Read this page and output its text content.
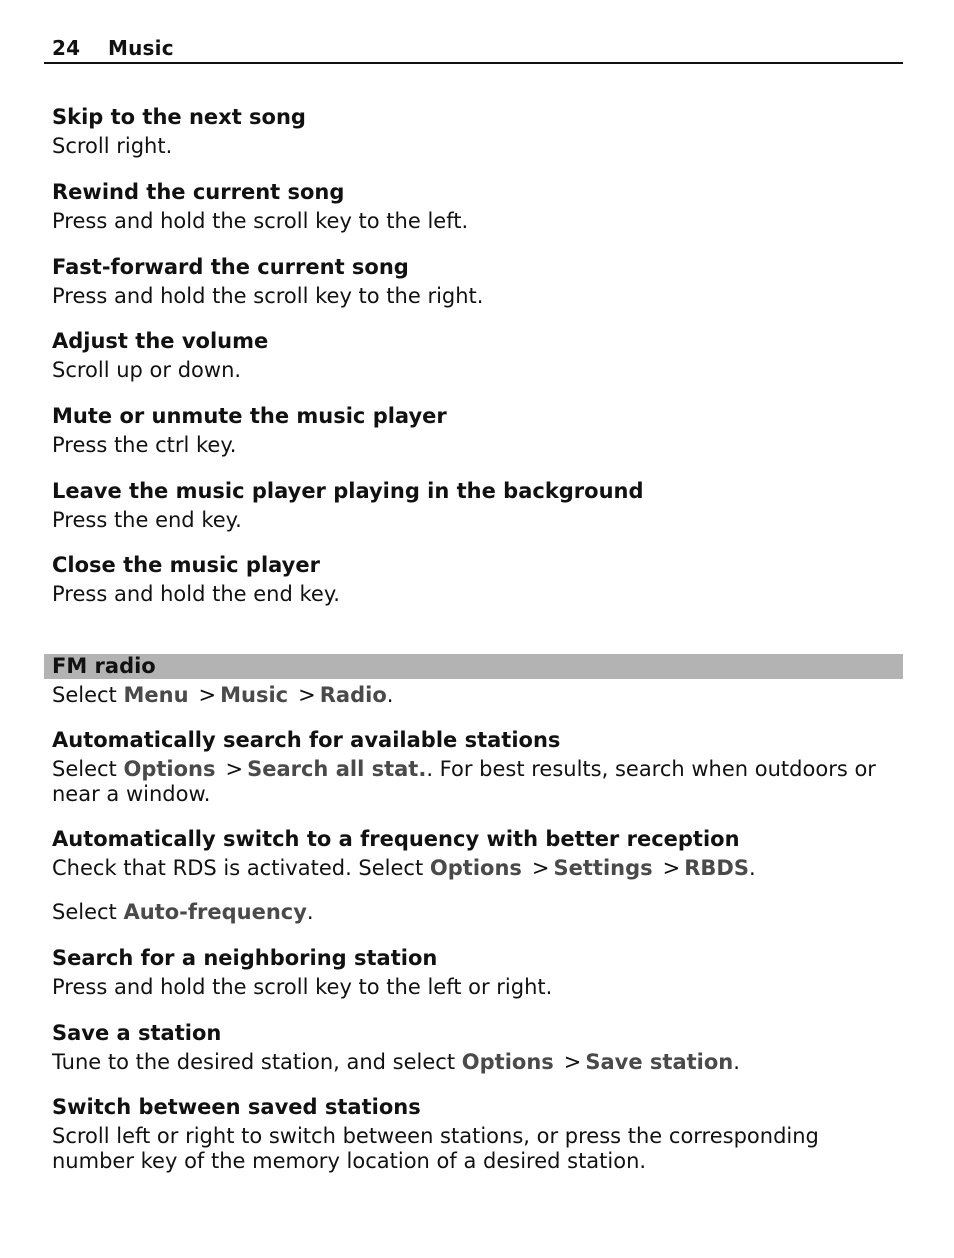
24 Music
Skip to the next song
Scroll right.
Rewind the current song
Press and hold the scroll key to the left.
Fast-forward the current song
Press and hold the scroll key to the right.
Adjust the volume
Scroll up or down.
Mute or unmute the music player
Press the ctrl key.
Leave the music player playing in the background
Press the end key.
Close the music player
Press and hold the end key.
FM radio
Select Menu > Music > Radio.
Automatically search for available stations
Select Options > Search all stat.. For best results, search when outdoors or near a window.
Automatically switch to a frequency with better reception
Check that RDS is activated. Select Options > Settings > RBDS.
Select Auto-frequency.
Search for a neighboring station
Press and hold the scroll key to the left or right.
Save a station
Tune to the desired station, and select Options > Save station.
Switch between saved stations
Scroll left or right to switch between stations, or press the corresponding number key of the memory location of a desired station.
